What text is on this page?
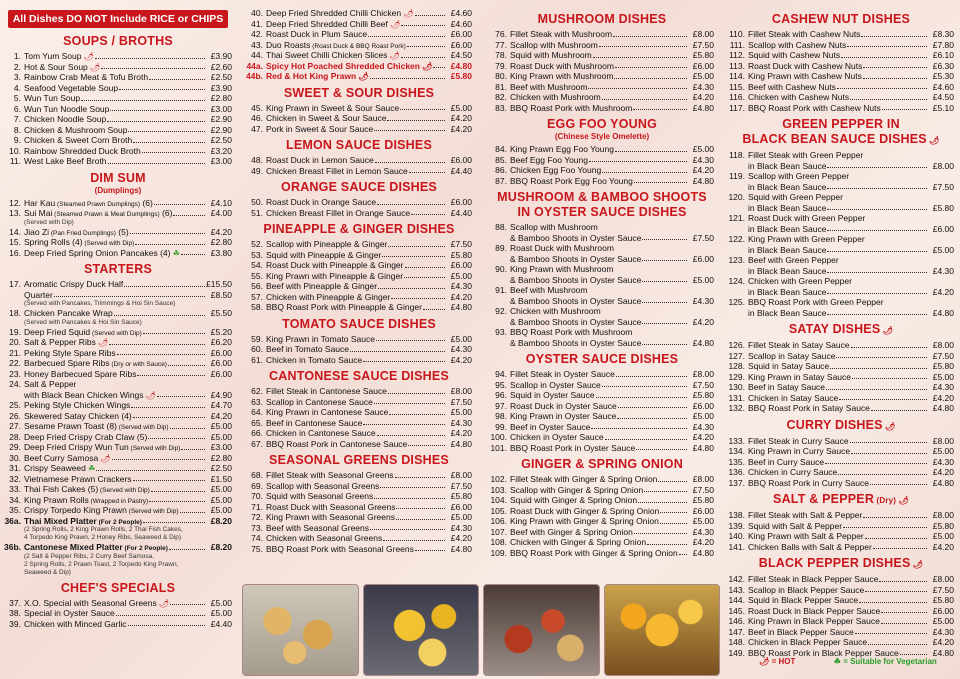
All Dishes DO NOT Include RICE or CHIPS
SOUPS / BROTHS
1. Tom Yum Soup 🌶	£3.90
2. Hot & Sour Soup 🌶	£2.60
3. Rainbow Crab Meat & Tofu Broth	£2.50
4. Seafood Vegetable Soup	£3.90
5. Wun Tun Soup	£2.80
6. Wun Tun Noodle Soup	£3.00
7. Chicken Noodle Soup	£2.90
8. Chicken & Mushroom Soup	£2.90
9. Chicken & Sweet Corn Broth	£2.50
10. Rainbow Shredded Duck Broth	£3.20
11. West Lake Beef Broth	£3.00
DIM SUM
(Dumplings)
12. Har Kau (Steamed Prawn Dumplings) (6)	£4.10
13. Sui Mai (Steamed Prawn & Meat Dumplings) (6)	£4.00
(Served with Dip)
14. Jiao Zi (Pan Fried Dumplings) (5)	£4.20
15. Spring Rolls (4) (Served with Dip)	£2.80
16. Deep Fried Spring Onion Pancakes (4) ☘	£3.80
STARTERS
17. Aromatic Crispy Duck Half	£15.50
Quarter	£8.50
(Served with Pancakes, Trimmings & Hoi Sin Sauce)
18. Chicken Pancake Wrap	£5.50
(Served with Pancakes & Hoi Sin Sauce)
19. Deep Fried Squid (Served with Dip)	£5.20
20. Salt & Pepper Ribs 🌶	£6.20
21. Peking Style Spare Ribs	£6.00
22. Barbecued Spare Ribs (Dry or with Sauce)	£6.00
23. Honey Barbecued Spare Ribs	£6.00
24. Salt & Pepper
with Black Bean Chicken Wings 🌶	£4.90
25. Peking Style Chicken Wings	£4.70
26. Skewered Satay Chicken (4)	£4.20
27. Sesame Prawn Toast (8) (Served with Dip)	£5.00
28. Deep Fried Crispy Crab Claw (5)	£5.00
29. Deep Fried Crispy Wun Tun (Served with Dip)	£3.00
30. Beef Curry Samosa 🌶	£2.80
31. Crispy Seaweed ☘	£2.50
32. Vietnamese Prawn Crackers	£1.50
33. Thai Fish Cakes (5) (Served with Dip)	£5.00
34. King Prawn Rolls (Wrapped in Pastry)	£5.00
35. Crispy Torpedo King Prawn (Served with Dip)	£5.00
36a. Thai Mixed Platter (For 2 People)	£8.20
(2 Spring Rolls, 2 King Prawn Rolls, 2 Thai Fish Cakes,
4 Torpedo King Prawn, 2 Honey Ribs, Seaweed & Dip)
36b. Cantonese Mixed Platter (For 2 People)	£8.20
(2 Salt & Pepper Ribs, 2 Curry Beef Samosa,
2 Spring Rolls, 2 Prawn Toast, 2 Torpedo King Prawn,
Seaweed & Dip)
CHEF'S SPECIALS
37. X.O. Special with Seasonal Greens 🌶	£5.00
38. Special in Oyster Sauce	£5.00
39. Chicken with Minced Garlic	£4.40
40. Deep Fried Shredded Chilli Chicken 🌶	£4.60
41. Deep Fried Shredded Chilli Beef 🌶	£4.60
42. Roast Duck in Plum Sauce	£6.00
43. Duo Roasts (Roast Duck & BBQ Roast Pork)	£6.00
44. Thai Sweet Chilli Chicken Slices 🌶	£4.50
44a. Spicy Hot Poached Shredded Chicken 🌶	£4.80
44b. Red & Hot King Prawn 🌶	£5.80
SWEET & SOUR DISHES
45. King Prawn in Sweet & Sour Sauce	£5.00
46. Chicken in Sweet & Sour Sauce	£4.20
47. Pork in Sweet & Sour Sauce	£4.20
LEMON SAUCE DISHES
48. Roast Duck in Lemon Sauce	£6.00
49. Chicken Breast Fillet in Lemon Sauce	£4.40
ORANGE SAUCE DISHES
50. Roast Duck in Orange Sauce	£6.00
51. Chicken Breast Fillet in Orange Sauce	£4.40
PINEAPPLE & GINGER DISHES
52. Scallop with Pineapple & Ginger	£7.50
53. Squid with Pineapple & Ginger	£5.80
54. Roast Duck with Pineapple & Ginger	£6.00
55. King Prawn with Pineapple & Ginger	£5.00
56. Beef with Pineapple & Ginger	£4.30
57. Chicken with Pineapple & Ginger	£4.20
58. BBQ Roast Pork with Pineapple & Ginger	£4.80
TOMATO SAUCE DISHES
59. King Prawn in Tomato Sauce	£5.00
60. Beef in Tomato Sauce	£4.30
61. Chicken in Tomato Sauce	£4.20
CANTONESE SAUCE DISHES
62. Fillet Steak in Cantonese Sauce	£8.00
63. Scallop in Cantonese Sauce	£7.50
64. King Prawn in Cantonese Sauce	£5.00
65. Beef in Cantonese Sauce	£4.30
66. Chicken in Cantonese Sauce	£4.20
67. BBQ Roast Pork in Cantonese Sauce	£4.80
SEASONAL GREENS DISHES
68. Fillet Steak with Seasonal Greens	£8.00
69. Scallop with Seasonal Greens	£7.50
70. Squid with Seasonal Greens	£5.80
71. Roast Duck with Seasonal Greens	£6.00
72. King Prawn with Seasonal Greens	£5.00
73. Beef with Seasonal Greens	£4.30
74. Chicken with Seasonal Greens	£4.20
75. BBQ Roast Pork with Seasonal Greens	£4.80
MUSHROOM DISHES
76. Fillet Steak with Mushroom	£8.00
77. Scallop with Mushroom	£7.50
78. Squid with Mushroom	£5.80
79. Roast Duck with Mushroom	£6.00
80. King Prawn with Mushroom	£5.00
81. Beef with Mushroom	£4.30
82. Chicken with Mushroom	£4.20
83. BBQ Roast Pork with Mushroom	£4.80
EGG FOO YOUNG
(Chinese Style Omelette)
84. King Prawn Egg Foo Young	£5.00
85. Beef Egg Foo Young	£4.30
86. Chicken Egg Foo Young	£4.20
87. BBQ Roast Pork Egg Foo Young	£4.80
MUSHROOM & BAMBOO SHOOTS
IN OYSTER SAUCE DISHES
88. Scallop with Mushroom
& Bamboo Shoots in Oyster Sauce	£7.50
89. Roast Duck with Mushroom
& Bamboo Shoots in Oyster Sauce	£6.00
90. King Prawn with Mushroom
& Bamboo Shoots in Oyster Sauce	£5.00
91. Beef with Mushroom
& Bamboo Shoots in Oyster Sauce	£4.30
92. Chicken with Mushroom
& Bamboo Shoots in Oyster Sauce	£4.20
93. BBQ Roast Pork with Mushroom
& Bamboo Shoots in Oyster Sauce	£4.80
OYSTER SAUCE DISHES
94. Fillet Steak in Oyster Sauce	£8.00
95. Scallop in Oyster Sauce	£7.50
96. Squid in Oyster Sauce	£5.80
97. Roast Duck in Oyster Sauce	£6.00
98. King Prawn in Oyster Sauce	£5.00
99. Beef in Oyster Sauce	£4.30
100. Chicken in Oyster Sauce	£4.20
101. BBQ Roast Pork in Oyster Sauce	£4.80
GINGER & SPRING ONION
102. Fillet Steak with Ginger & Spring Onion	£8.00
103. Scallop with Ginger & Spring Onion	£7.50
104. Squid with Ginger & Spring Onion	£5.80
105. Roast Duck with Ginger & Spring Onion	£6.00
106. King Prawn with Ginger & Spring Onion	£5.00
107. Beef with Ginger & Spring Onion	£4.30
108. Chicken with Ginger & Spring Onion	£4.20
109. BBQ Roast Pork with Ginger & Spring Onion	£4.80
CASHEW NUT DISHES
110. Fillet Steak with Cashew Nuts	£8.30
111. Scallop with Cashew Nuts	£7.80
112. Squid with Cashew Nuts	£6.10
113. Roast Duck with Cashew Nuts	£6.30
114. King Prawn with Cashew Nuts	£5.30
115. Beef with Cashew Nuts	£4.60
116. Chicken with Cashew Nuts	£4.50
117. BBQ Roast Pork with Cashew Nuts	£5.10
GREEN PEPPER IN
BLACK BEAN SAUCE DISHES 🌶
118. Fillet Steak with Green Pepper
in Black Bean Sauce	£8.00
119. Scallop with Green Pepper
in Black Bean Sauce	£7.50
120. Squid with Green Pepper
in Black Bean Sauce	£5.80
121. Roast Duck with Green Pepper
in Black Bean Sauce	£6.00
122. King Prawn with Green Pepper
in Black Bean Sauce	£5.00
123. Beef with Green Pepper
in Black Bean Sauce	£4.30
124. Chicken with Green Pepper
in Black Bean Sauce	£4.20
125. BBQ Roast Pork with Green Pepper
in Black Bean Sauce	£4.80
SATAY DISHES 🌶
126. Fillet Steak in Satay Sauce	£8.00
127. Scallop in Satay Sauce	£7.50
128. Squid in Satay Sauce	£5.80
129. King Prawn in Satay Sauce	£5.00
130. Beef in Satay Sauce	£4.30
131. Chicken in Satay Sauce	£4.20
132. BBQ Roast Pork in Satay Sauce	£4.80
CURRY DISHES 🌶
133. Fillet Steak in Curry Sauce	£8.00
134. King Prawn in Curry Sauce	£5.00
135. Beef in Curry Sauce	£4.30
136. Chicken in Curry Sauce	£4.20
137. BBQ Roast Pork in Curry Sauce	£4.80
SALT & PEPPER (Dry) 🌶
138. Fillet Steak with Salt & Pepper	£8.00
139. Squid with Salt & Pepper	£5.80
140. King Prawn with Salt & Pepper	£5.00
141. Chicken Balls with Salt & Pepper	£4.20
BLACK PEPPER DISHES 🌶
142. Fillet Steak in Black Pepper Sauce	£8.00
143. Scallop in Black Pepper Sauce	£7.50
144. Squid in Black Pepper Sauce	£5.80
145. Roast Duck in Black Pepper Sauce	£6.00
146. King Prawn in Black Pepper Sauce	£5.00
147. Beef in Black Pepper Sauce	£4.30
148. Chicken in Black Pepper Sauce	£4.20
149. BBQ Roast Pork in Black Pepper Sauce	£4.80
🌶 = HOT	☘ = Suitable for Vegetarian
